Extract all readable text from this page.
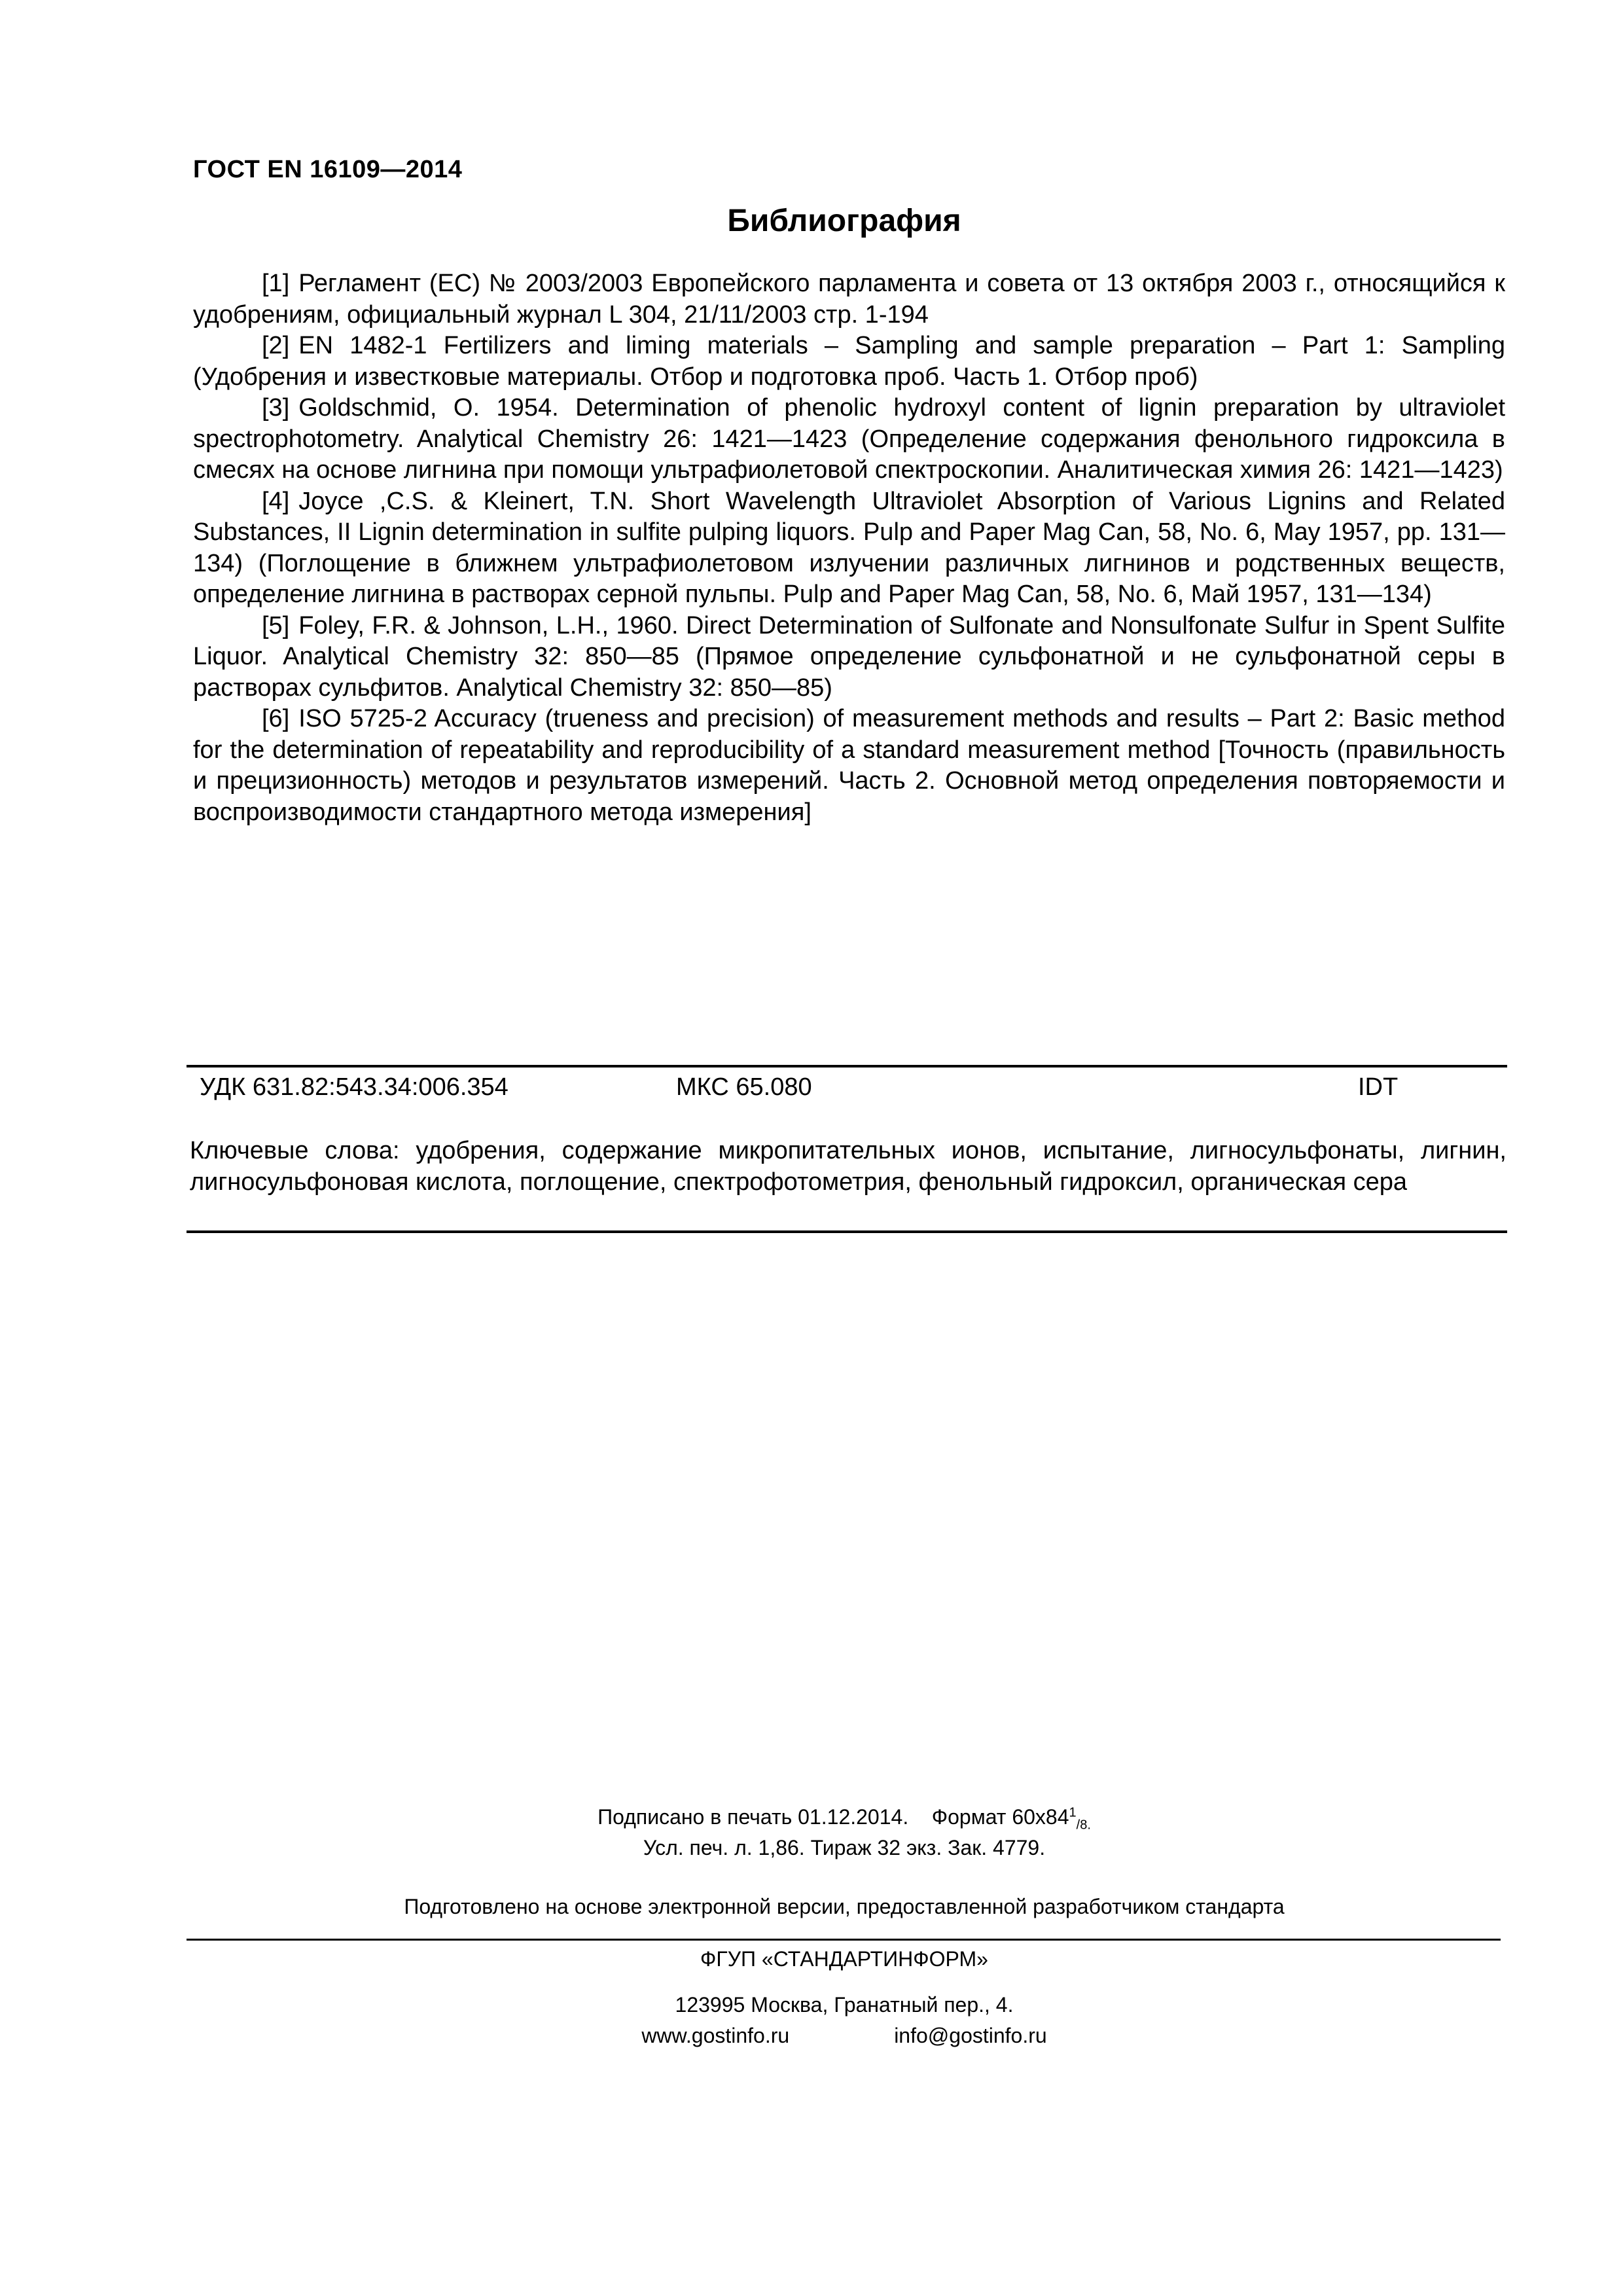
ГОСТ EN 16109—2014
Библиография

[1] Регламент (EC) № 2003/2003 Европейского парламента и совета от 13 октября 2003 г., относящийся к удобрениям, официальный журнал L 304, 21/11/2003 стр. 1-194

[2] EN 1482-1 Fertilizers and liming materials – Sampling and sample preparation – Part 1: Sampling (Удобрения и известковые материалы. Отбор и подготовка проб. Часть 1. Отбор проб)

[3] Goldschmid, O. 1954. Determination of phenolic hydroxyl content of lignin preparation by ultraviolet spectrophotometry. Analytical Chemistry 26: 1421—1423 (Определение содержания фенольного гидроксила в смесях на основе лигнина при помощи ультрафиолетовой спектроскопии. Аналитическая химия 26: 1421—1423)

[4] Joyce ,C.S. & Kleinert, T.N. Short Wavelength Ultraviolet Absorption of Various Lignins and Related Substances, II Lignin determination in sulfite pulping liquors. Pulp and Paper Mag Can, 58, No. 6, May 1957, pp. 131—134) (Поглощение в ближнем ультрафиолетовом излучении различных лигнинов и родственных веществ, определение лигнина в растворах серной пульпы. Pulp and Paper Mag Can, 58, No. 6, Май 1957, 131—134)

[5] Foley, F.R. & Johnson, L.H., 1960. Direct Determination of Sulfonate and Nonsulfonate Sulfur in Spent Sulfite Liquor. Analytical Chemistry 32: 850—85 (Прямое определение сульфонатной и не сульфонатной серы в растворах сульфитов. Analytical Chemistry 32: 850—85)

[6] ISO 5725-2 Accuracy (trueness and precision) of measurement methods and results – Part 2: Basic method for the determination of repeatability and reproducibility of a standard measurement method [Точность (правильность и прецизионность) методов и результатов измерений. Часть 2. Основной метод определения повторяемости и воспроизводимости стандартного метода измерения]

УДК 631.82:543.34:006.354	МКС 65.080	IDT
Ключевые слова: удобрения, содержание микропитательных ионов, испытание, лигносульфонаты, лигнин, лигносульфоновая кислота, поглощение, спектрофотометрия, фенольный гидроксил, органическая сера
Подписано в печать 01.12.2014. Формат $60х84^1_{/8.}$
Усл. печ. л. 1,86. Тираж 32 экз. Зак. 4779.
Подготовлено на основе электронной версии, предоставленной разработчиком стандарта
ФГУП «СТАНДАРТИНФОРМ»
123995 Москва, Гранатный пер., 4.
www.gostinfo.ru	info@gostinfo.ru
